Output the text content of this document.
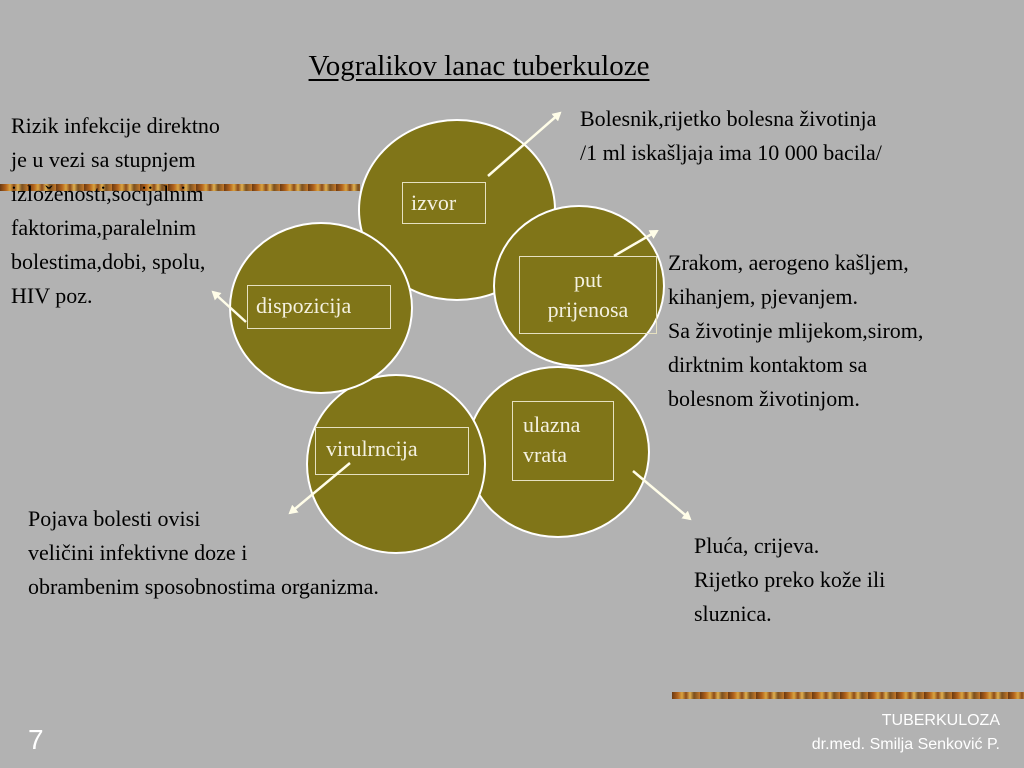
Vogralikov lanac tuberkuloze
izvor
put
prijenosa
ulazna
vrata
virulrncija
dispozicija
Bolesnik,rijetko bolesna životinja
/1 ml iskašljaja ima 10 000 bacila/
Zrakom, aerogeno kašljem,
kihanjem, pjevanjem.
Sa životinje mlijekom,sirom,
dirktnim kontaktom sa
bolesnom životinjom.
Pluća, crijeva.
Rijetko preko kože ili
sluznica.
Pojava bolesti ovisi
veličini infektivne doze i
obrambenim sposobnostima organizma.
Rizik infekcije direktno
je u vezi sa stupnjem
izloženosti,socijalnim
faktorima,paralelnim
bolestima,dobi, spolu,
HIV poz.
TUBERKULOZA
dr.med. Smilja Senković P.
7
